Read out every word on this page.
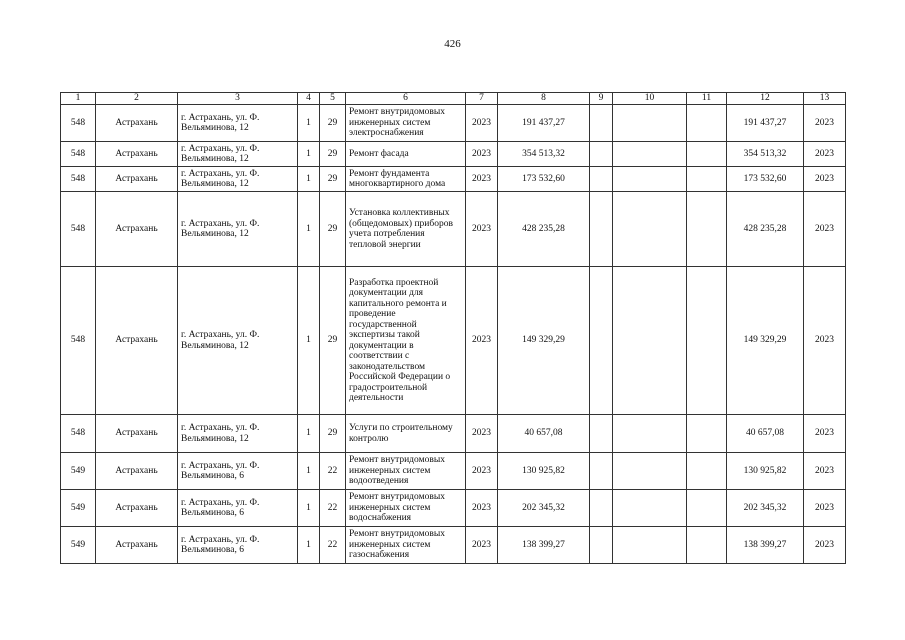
426
1	2	3	4	5	6	7	8	9	10	11	12	13
548	Астрахань	г. Астрахань, ул. Ф. Вельяминова, 12	1	29	Ремонт внутридомовых инженерных систем электроснабжения	2023	191 437,27				191 437,27	2023
548	Астрахань	г. Астрахань, ул. Ф. Вельяминова, 12	1	29	Ремонт фасада	2023	354 513,32				354 513,32	2023
548	Астрахань	г. Астрахань, ул. Ф. Вельяминова, 12	1	29	Ремонт фундамента многоквартирного дома	2023	173 532,60				173 532,60	2023
548	Астрахань	г. Астрахань, ул. Ф. Вельяминова, 12	1	29	Установка коллективных (общедомовых) приборов учета потребления тепловой энергии	2023	428 235,28				428 235,28	2023
548	Астрахань	г. Астрахань, ул. Ф. Вельяминова, 12	1	29	Разработка проектной документации для капитального ремонта и проведение государственной экспертизы такой документации в соответствии с законодательством Российской Федерации о градостроительной деятельности	2023	149 329,29				149 329,29	2023
548	Астрахань	г. Астрахань, ул. Ф. Вельяминова, 12	1	29	Услуги по строительному контролю	2023	40 657,08				40 657,08	2023
549	Астрахань	г. Астрахань, ул. Ф. Вельяминова, 6	1	22	Ремонт внутридомовых инженерных систем водоотведения	2023	130 925,82				130 925,82	2023
549	Астрахань	г. Астрахань, ул. Ф. Вельяминова, 6	1	22	Ремонт внутридомовых инженерных систем водоснабжения	2023	202 345,32				202 345,32	2023
549	Астрахань	г. Астрахань, ул. Ф. Вельяминова, 6	1	22	Ремонт внутридомовых инженерных систем газоснабжения	2023	138 399,27				138 399,27	2023
